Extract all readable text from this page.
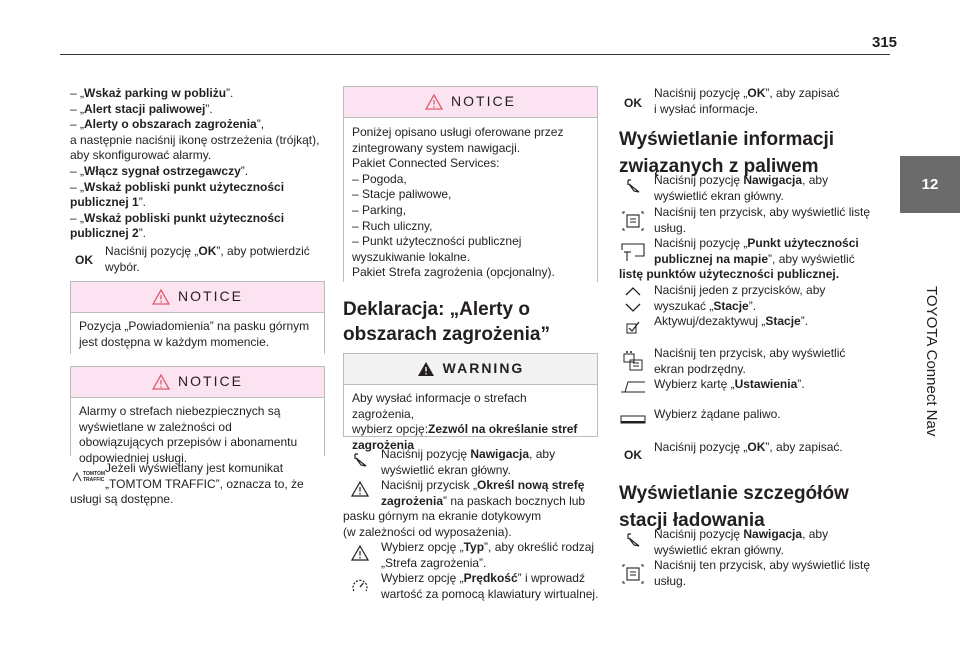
315
12
TOYOTA Connect Nav

– „Wskaż parking w pobliżu”.

– „Alert stacji paliwowej”.

– „Alerty o obszarach zagrożenia”,

a następnie naciśnij ikonę ostrzeżenia (trójkąt),

aby skonfigurować alarmy.

– „Włącz sygnał ostrzegawczy”.

– „Wskaż pobliski punkt użyteczności

publicznej 1”.

– „Wskaż pobliski punkt użyteczności

publicznej 2”.

OK

Naciśnij pozycję „OK”, aby potwierdzić

wybór.

NOTICE
Pozycja „Powiadomienia” na pasku górnym jest dostępna w każdym momencie.
NOTICE
Alarmy o strefach niebezpiecznych są wyświetlane w zależności od obowiązujących przepisów i abonamentu odpowiedniej usługi.
TOMTOM TRAFFIC

Jeżeli wyświetlany jest komunikat

„TOMTOM TRAFFIC”, oznacza to, że

usługi są dostępne.

NOTICE

Poniżej opisano usługi oferowane przez

zintegrowany system nawigacji.

Pakiet Connected Services:

– Pogoda,

– Stacje paliwowe,

– Parking,

– Ruch uliczny,

– Punkt użyteczności publicznej

wyszukiwanie lokalne.

Pakiet Strefa zagrożenia (opcjonalny).

Deklaracja: „Alerty o
obszarach zagrożenia”
WARNING

Aby wysłać informacje o strefach zagrożenia,

wybierz opcję:Zezwól na określanie stref

zagrożenia

Naciśnij pozycję Nawigacja, aby

wyświetlić ekran główny.

Naciśnij przycisk „Określ nową strefę

zagrożenia” na paskach bocznych lub

pasku górnym na ekranie dotykowym

(w zależności od wyposażenia).

Wybierz opcję „Typ”, aby określić rodzaj

„Strefa zagrożenia”.

Wybierz opcję „Prędkość” i wprowadź

wartość za pomocą klawiatury wirtualnej.

OK

Naciśnij pozycję „OK”, aby zapisać

i wysłać informacje.

Wyświetlanie informacji
związanych z paliwem

Naciśnij pozycję Nawigacja, aby

wyświetlić ekran główny.

Naciśnij ten przycisk, aby wyświetlić listę

usług.

Naciśnij pozycję „Punkt użyteczności

publicznej na mapie”, aby wyświetlić

listę punktów użyteczności publicznej.

Naciśnij jeden z przycisków, aby

wyszukać „Stacje”.

Aktywuj/dezaktywuj „Stacje”.

Naciśnij ten przycisk, aby wyświetlić

ekran podrzędny.

Wybierz kartę „Ustawienia”.

Wybierz żądane paliwo.
OK

Naciśnij pozycję „OK”, aby zapisać.

Wyświetlanie szczegółów
stacji ładowania

Naciśnij pozycję Nawigacja, aby

wyświetlić ekran główny.

Naciśnij ten przycisk, aby wyświetlić listę

usług.
